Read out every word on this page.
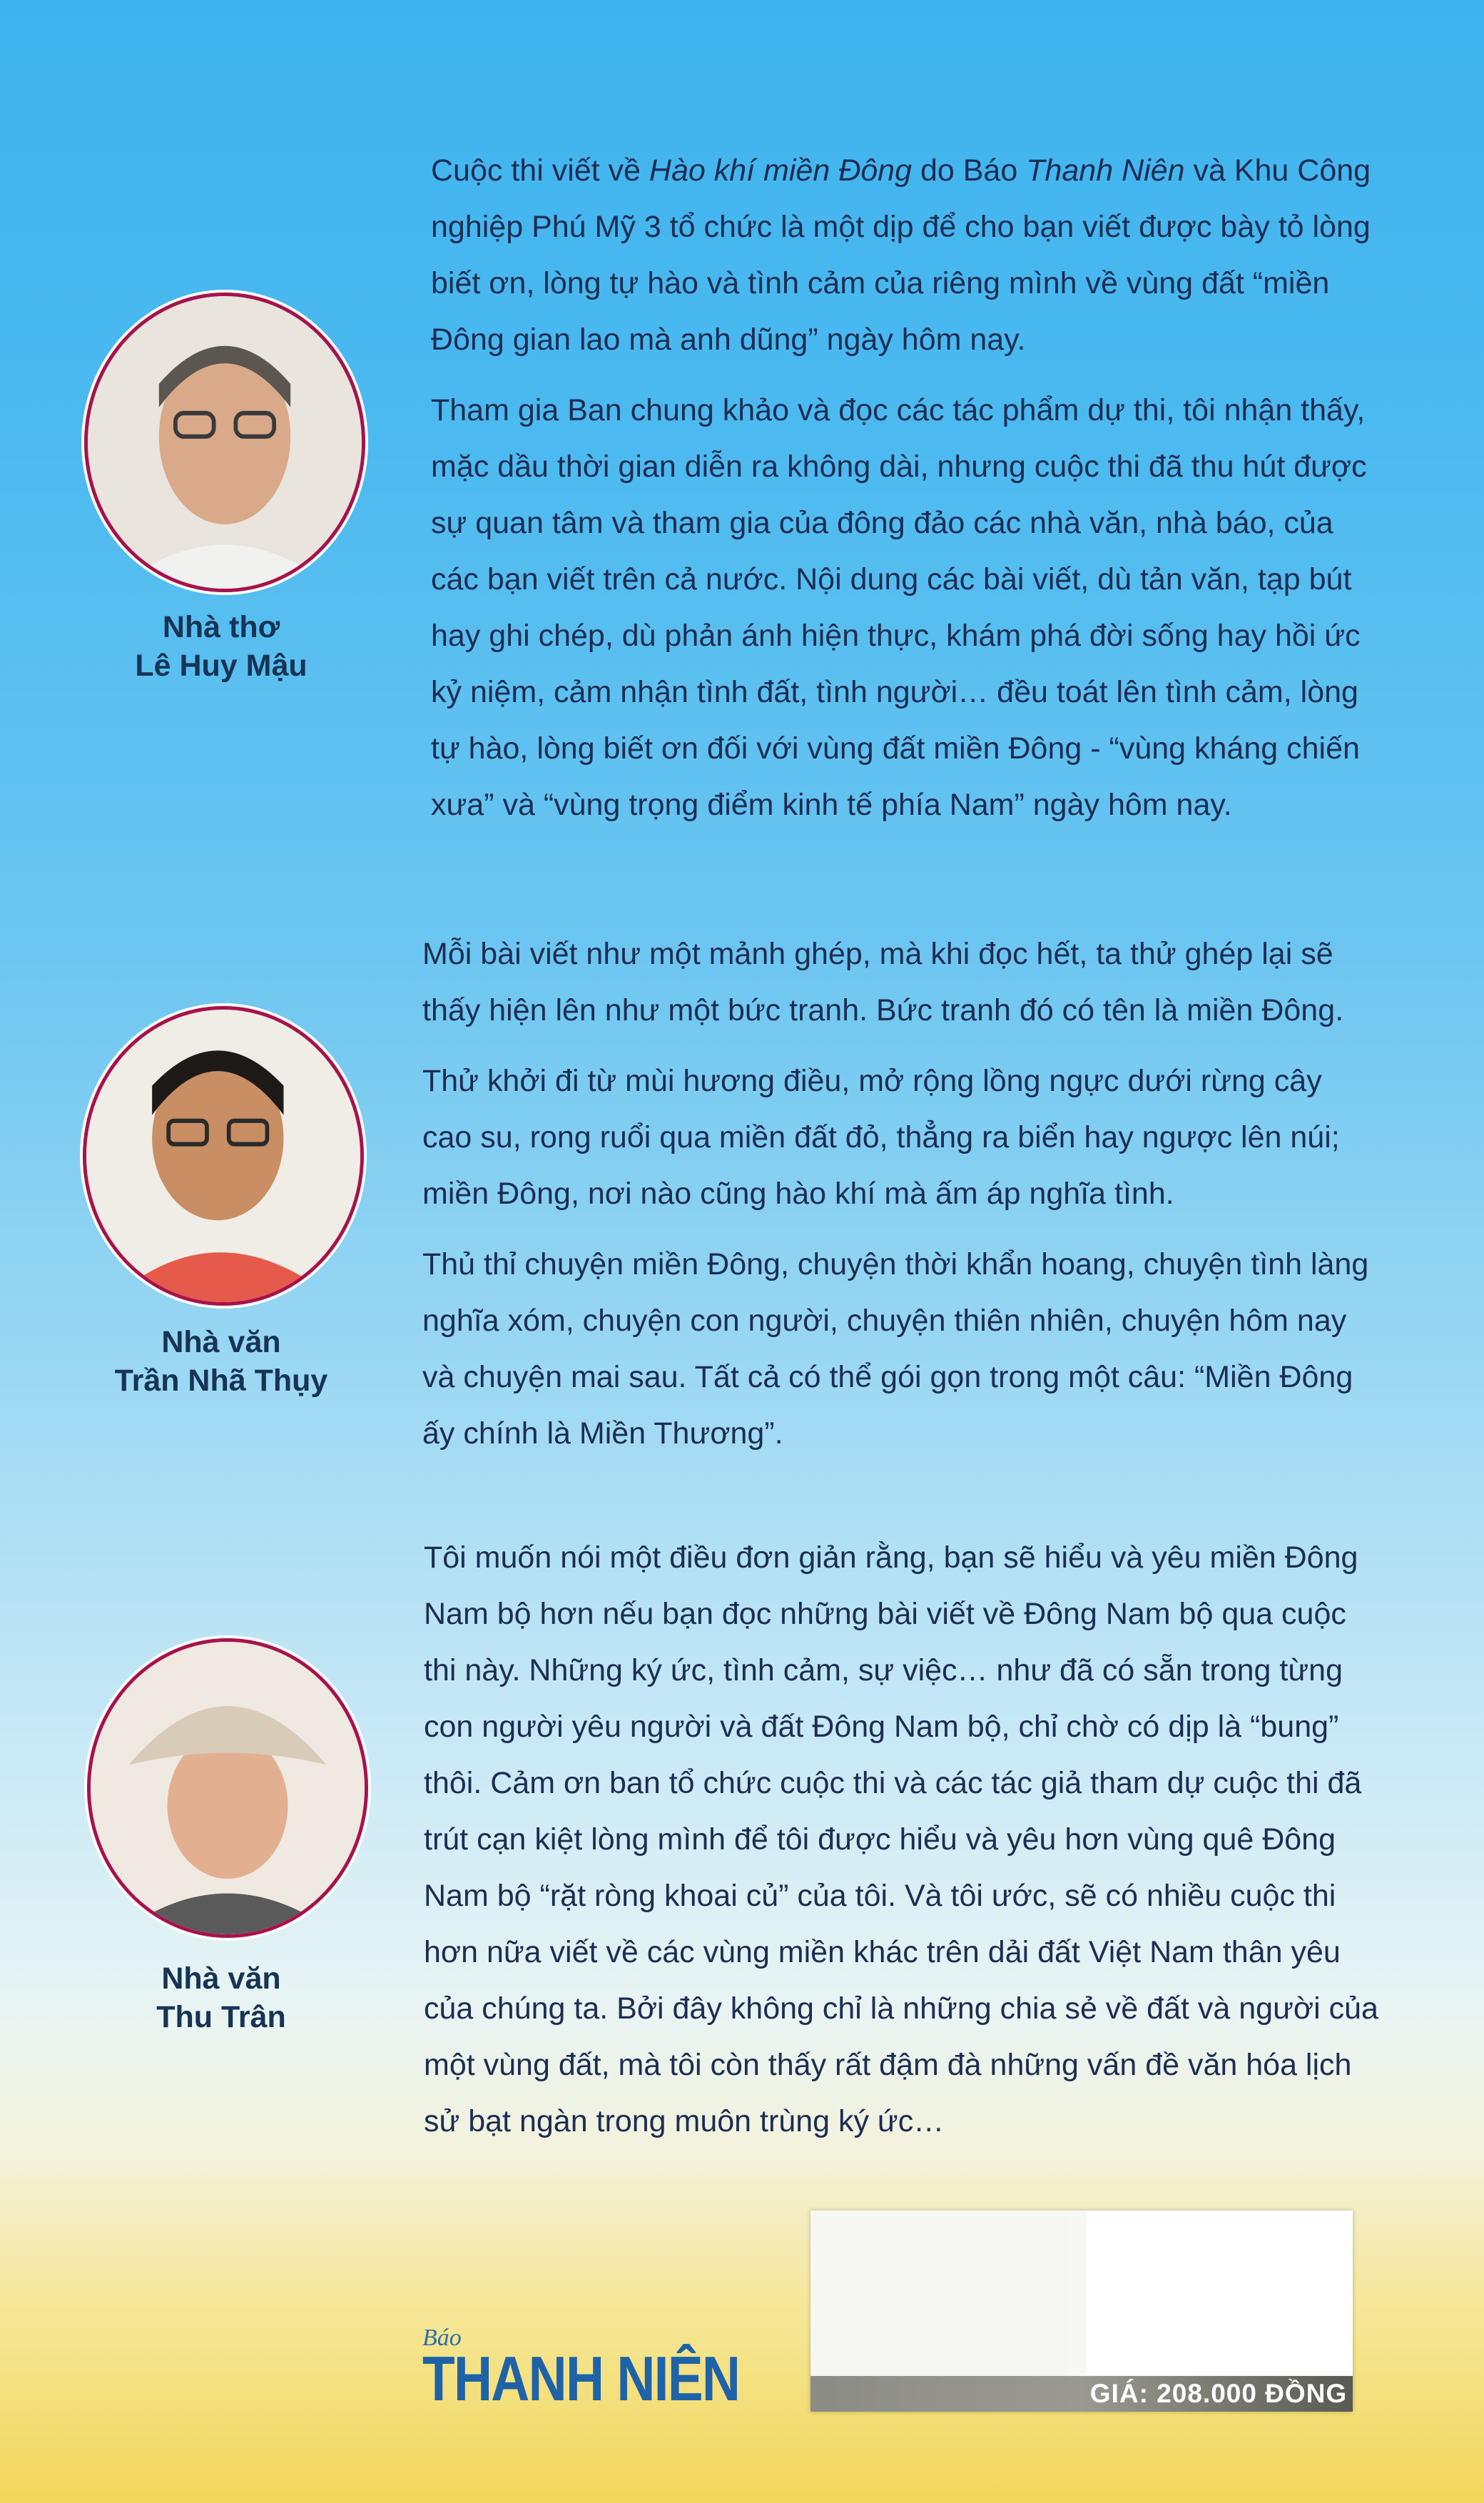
Nhà thơ
Lê Huy Mậu

Cuộc thi viết về Hào khí miền Đông do Báo Thanh Niên và Khu Công nghiệp Phú Mỹ 3 tổ chức là một dịp để cho bạn viết được bày tỏ lòng biết ơn, lòng tự hào và tình cảm của riêng mình về vùng đất “miền Đông gian lao mà anh dũng” ngày hôm nay.

Tham gia Ban chung khảo và đọc các tác phẩm dự thi, tôi nhận thấy, mặc dầu thời gian diễn ra không dài, nhưng cuộc thi đã thu hút được sự quan tâm và tham gia của đông đảo các nhà văn, nhà báo, của các bạn viết trên cả nước. Nội dung các bài viết, dù tản văn, tạp bút hay ghi chép, dù phản ánh hiện thực, khám phá đời sống hay hồi ức kỷ niệm, cảm nhận tình đất, tình người… đều toát lên tình cảm, lòng tự hào, lòng biết ơn đối với vùng đất miền Đông - “vùng kháng chiến xưa” và “vùng trọng điểm kinh tế phía Nam” ngày hôm nay.

Nhà văn
Trần Nhã Thụy

Mỗi bài viết như một mảnh ghép, mà khi đọc hết, ta thử ghép lại sẽ thấy hiện lên như một bức tranh. Bức tranh đó có tên là miền Đông.

Thử khởi đi từ mùi hương điều, mở rộng lồng ngực dưới rừng cây cao su, rong ruổi qua miền đất đỏ, thẳng ra biển hay ngược lên núi; miền Đông, nơi nào cũng hào khí mà ấm áp nghĩa tình.

Thủ thỉ chuyện miền Đông, chuyện thời khẩn hoang, chuyện tình làng nghĩa xóm, chuyện con người, chuyện thiên nhiên, chuyện hôm nay và chuyện mai sau. Tất cả có thể gói gọn trong một câu: “Miền Đông ấy chính là Miền Thương”.

Nhà văn
Thu Trân

Tôi muốn nói một điều đơn giản rằng, bạn sẽ hiểu và yêu miền Đông Nam bộ hơn nếu bạn đọc những bài viết về Đông Nam bộ qua cuộc thi này. Những ký ức, tình cảm, sự việc… như đã có sẵn trong từng con người yêu người và đất Đông Nam bộ, chỉ chờ có dịp là “bung” thôi. Cảm ơn ban tổ chức cuộc thi và các tác giả tham dự cuộc thi đã trút cạn kiệt lòng mình để tôi được hiểu và yêu hơn vùng quê Đông Nam bộ “rặt ròng khoai củ” của tôi. Và tôi ước, sẽ có nhiều cuộc thi hơn nữa viết về các vùng miền khác trên dải đất Việt Nam thân yêu của chúng ta. Bởi đây không chỉ là những chia sẻ về đất và người của một vùng đất, mà tôi còn thấy rất đậm đà những vấn đề văn hóa lịch sử bạt ngàn trong muôn trùng ký ức…

Báo
THANH NIÊN	GIÁ: 208.000 ĐỒNG
